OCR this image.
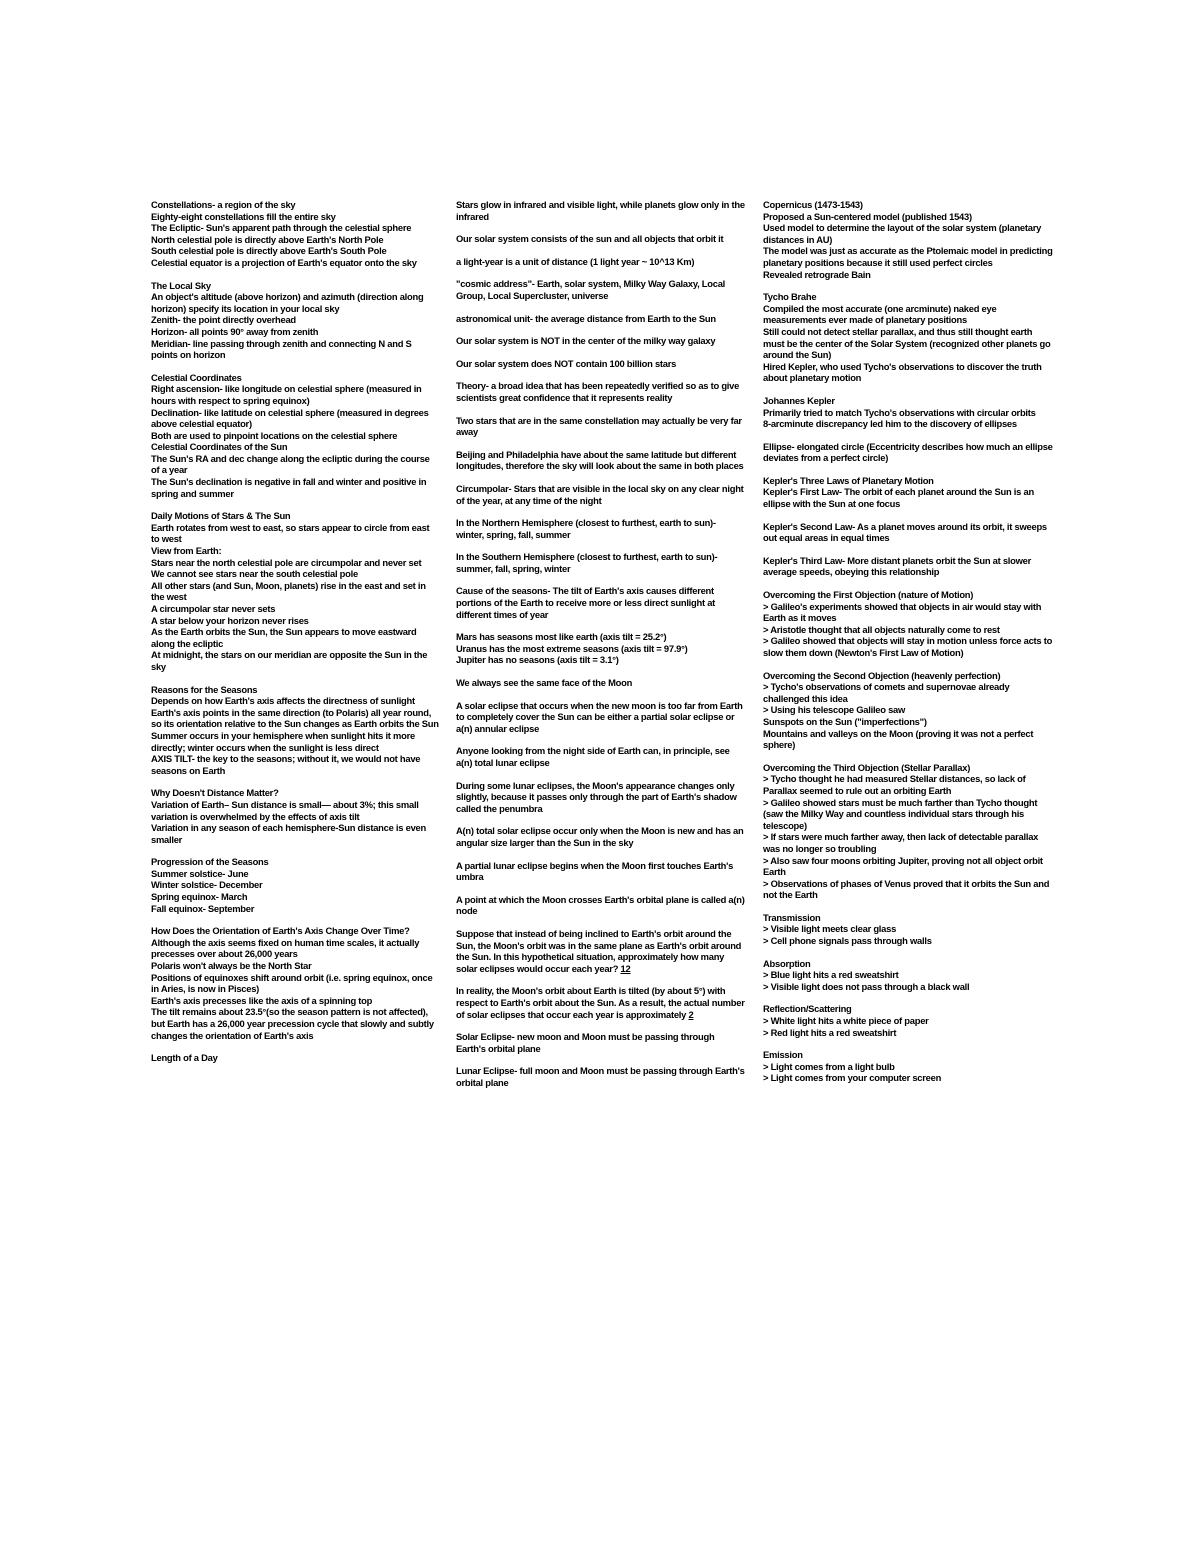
Constellations- a region of the sky
Eighty-eight constellations fill the entire sky
The Ecliptic- Sun's apparent path through the celestial sphere
North celestial pole is directly above Earth's North Pole
South celestial pole is directly above Earth's South Pole
Celestial equator is a projection of Earth's equator onto the sky
The Local Sky
An object's altitude (above horizon) and azimuth (direction along horizon) specify its location in your local sky
Zenith- the point directly overhead
Horizon- all points 90° away from zenith
Meridian- line passing through zenith and connecting N and S points on horizon
Celestial Coordinates
Right ascension- like longitude on celestial sphere (measured in hours with respect to spring equinox)
Declination- like latitude on celestial sphere (measured in degrees above celestial equator)
Both are used to pinpoint locations on the celestial sphere
Celestial Coordinates of the Sun
The Sun's RA and dec change along the ecliptic during the course of a year
The Sun's declination is negative in fall and winter and positive in spring and summer
Daily Motions of Stars & The Sun
Earth rotates from west to east, so stars appear to circle from east to west
View from Earth:
Stars near the north celestial pole are circumpolar and never set
We cannot see stars near the south celestial pole
All other stars (and Sun, Moon, planets) rise in the east and set in the west
A circumpolar star never sets
A star below your horizon never rises
As the Earth orbits the Sun, the Sun appears to move eastward along the ecliptic
At midnight, the stars on our meridian are opposite the Sun in the sky
Reasons for the Seasons
Depends on how Earth's axis affects the directness of sunlight
Earth's axis points in the same direction (to Polaris) all year round, so its orientation relative to the Sun changes as Earth orbits the Sun
Summer occurs in your hemisphere when sunlight hits it more directly; winter occurs when the sunlight is less direct
AXIS TILT- the key to the seasons; without it, we would not have seasons on Earth
Why Doesn't Distance Matter?
Variation of Earth– Sun distance is small— about 3%; this small variation is overwhelmed by the effects of axis tilt
Variation in any season of each hemisphere-Sun distance is even smaller
Progression of the Seasons
Summer solstice- June
Winter solstice- December
Spring equinox- March
Fall equinox- September
How Does the Orientation of Earth's Axis Change Over Time?
Although the axis seems fixed on human time scales, it actually precesses over about 26,000 years
Polaris won't always be the North Star
Positions of equinoxes shift around orbit (i.e. spring equinox, once in Aries, is now in Pisces)
Earth's axis precesses like the axis of a spinning top
The tilt remains about 23.5°(so the season pattern is not affected), but Earth has a 26,000 year precession cycle that slowly and subtly changes the orientation of Earth's axis
Length of a Day
Stars glow in infrared and visible light, while planets glow only in the infrared
Our solar system consists of the sun and all objects that orbit it
a light-year is a unit of distance (1 light year ~ 10^13 Km)
"cosmic address"- Earth, solar system, Milky Way Galaxy, Local Group, Local Supercluster, universe
astronomical unit- the average distance from Earth to the Sun
Our solar system is NOT in the center of the milky way galaxy
Our solar system does NOT contain 100 billion stars
Theory- a broad idea that has been repeatedly verified so as to give scientists great confidence that it represents reality
Two stars that are in the same constellation may actually be very far away
Beijing and Philadelphia have about the same latitude but different longitudes, therefore the sky will look about the same in both places
Circumpolar- Stars that are visible in the local sky on any clear night of the year, at any time of the night
In the Northern Hemisphere (closest to furthest, earth to sun)- winter, spring, fall, summer
In the Southern Hemisphere (closest to furthest, earth to sun)- summer, fall, spring, winter
Cause of the seasons- The tilt of Earth's axis causes different portions of the Earth to receive more or less direct sunlight at different times of year
Mars has seasons most like earth (axis tilt = 25.2°)
Uranus has the most extreme seasons (axis tilt = 97.9°)
Jupiter has no seasons (axis tilt = 3.1°)
We always see the same face of the Moon
A solar eclipse that occurs when the new moon is too far from Earth to completely cover the Sun can be either a partial solar eclipse or a(n) annular eclipse
Anyone looking from the night side of Earth can, in principle, see a(n) total lunar eclipse
During some lunar eclipses, the Moon's appearance changes only slightly, because it passes only through the part of Earth's shadow called the penumbra
A(n) total solar eclipse occur only when the Moon is new and has an angular size larger than the Sun in the sky
A partial lunar eclipse begins when the Moon first touches Earth's umbra
A point at which the Moon crosses Earth's orbital plane is called a(n) node
Suppose that instead of being inclined to Earth's orbit around the Sun, the Moon's orbit was in the same plane as Earth's orbit around the Sun. In this hypothetical situation, approximately how many solar eclipses would occur each year? 12
In reality, the Moon's orbit about Earth is tilted (by about 5°) with respect to Earth's orbit about the Sun. As a result, the actual number of solar eclipses that occur each year is approximately 2
Solar Eclipse- new moon and Moon must be passing through Earth's orbital plane
Lunar Eclipse- full moon and Moon must be passing through Earth's orbital plane
Copernicus (1473-1543)
Proposed a Sun-centered model (published 1543)
Used model to determine the layout of the solar system (planetary distances in AU)
The model was just as accurate as the Ptolemaic model in predicting planetary positions because it still used perfect circles
Revealed retrograde Bain
Tycho Brahe
Compiled the most accurate (one arcminute) naked eye measurements ever made of planetary positions
Still could not detect stellar parallax, and thus still thought earth must be the center of the Solar System (recognized other planets go around the Sun)
Hired Kepler, who used Tycho's observations to discover the truth about planetary motion
Johannes Kepler
Primarily tried to match Tycho's observations with circular orbits
8-arcminute discrepancy led him to the discovery of ellipses
Ellipse- elongated circle (Eccentricity describes how much an ellipse deviates from a perfect circle)
Kepler's Three Laws of Planetary Motion
Kepler's First Law- The orbit of each planet around the Sun is an ellipse with the Sun at one focus
Kepler's Second Law- As a planet moves around its orbit, it sweeps out equal areas in equal times
Kepler's Third Law- More distant planets orbit the Sun at slower average speeds, obeying this relationship
Overcoming the First Objection (nature of Motion)
> Galileo's experiments showed that objects in air would stay with Earth as it moves
> Aristotle thought that all objects naturally come to rest
> Galileo showed that objects will stay in motion unless force acts to slow them down (Newton's First Law of Motion)
Overcoming the Second Objection (heavenly perfection)
> Tycho's observations of comets and supernovae already challenged this idea
> Using his telescope Galileo saw
Sunspots on the Sun ("imperfections")
Mountains and valleys on the Moon (proving it was not a perfect sphere)
Overcoming the Third Objection (Stellar Parallax)
> Tycho thought he had measured Stellar distances, so lack of Parallax seemed to rule out an orbiting Earth
> Galileo showed stars must be much farther than Tycho thought (saw the Milky Way and countless individual stars through his telescope)
> If stars were much farther away, then lack of detectable parallax was no longer so troubling
> Also saw four moons orbiting Jupiter, proving not all object orbit Earth
> Observations of phases of Venus proved that it orbits the Sun and not the Earth
Transmission
> Visible light meets clear glass
> Cell phone signals pass through walls
Absorption
> Blue light hits a red sweatshirt
> Visible light does not pass through a black wall
Reflection/Scattering
> White light hits a white piece of paper
> Red light hits a red sweatshirt
Emission
> Light comes from a light bulb
> Light comes from your computer screen
